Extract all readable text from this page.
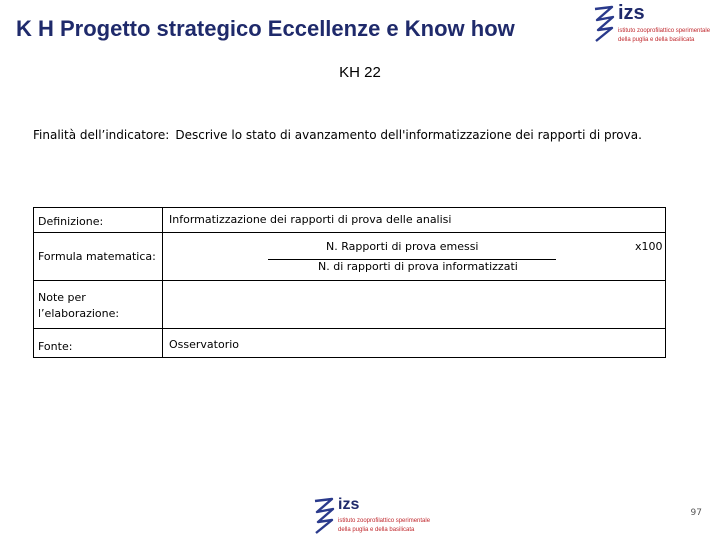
K H Progetto strategico Eccellenze e Know how
izs
istituto zooprofilattico sperimentale
della puglia e della basilicata
KH 22
Finalità dell’indicatore: Descrive lo stato di avanzamento dell'informatizzazione dei rapporti di prova.
Definizione:	Informatizzazione dei rapporti di prova delle analisi
Formula matematica:
N. Rapporti di prova emessi
N. di rapporti di prova informatizzati
x100
Note per
l’elaborazione:
Fonte:	Osservatorio
izs
istituto zooprofilattico sperimentale
della puglia e della basilicata
97
